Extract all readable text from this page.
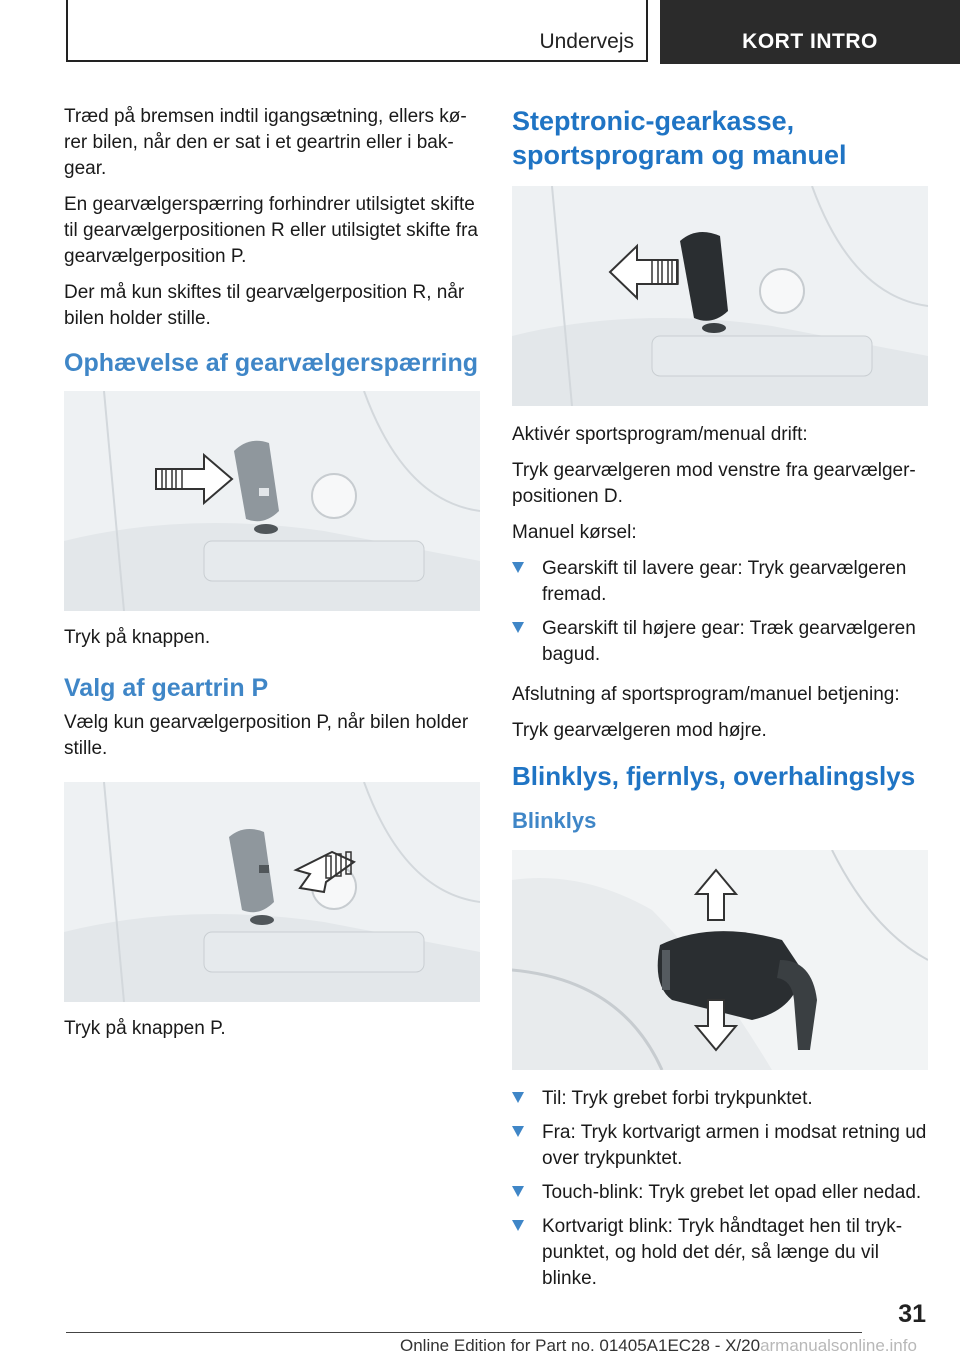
Undervejs	KORT INTRO

Træd på bremsen indtil igangsætning, ellers kø-rer bilen, når den er sat i et geartrin eller i bak-gear.

En gearvælgerspærring forhindrer utilsigtet skifte til gearvælgerpositionen R eller utilsigtet skifte fra gearvælgerposition P.

Der må kun skiftes til gearvælgerposition R, når bilen holder stille.

Ophævelse af gearvælgerspærring

Tryk på knappen.

Valg af geartrin P

Vælg kun gearvælgerposition P, når bilen holder stille.

Tryk på knappen P.

Steptronic-gearkasse, sportsprogram og manuel

Aktivér sportsprogram/menual drift:

Tryk gearvælgeren mod venstre fra gearvælger-positionen D.

Manuel kørsel:

Gearskift til lavere gear: Tryk gearvælgeren fremad.
Gearskift til højere gear: Træk gearvælgeren bagud.

Afslutning af sportsprogram/manuel betjening:

Tryk gearvælgeren mod højre.

Blinklys, fjernlys, overhalingslys
Blinklys
Til: Tryk grebet forbi trykpunktet.
Fra: Tryk kortvarigt armen i modsat retning ud over trykpunktet.
Touch-blink: Tryk grebet let opad eller nedad.
Kortvarigt blink: Tryk håndtaget hen til tryk-punktet, og hold det dér, så længe du vil blinke.
31
Online Edition for Part no. 01405A1EC28 - X/20armanualsonline.info
